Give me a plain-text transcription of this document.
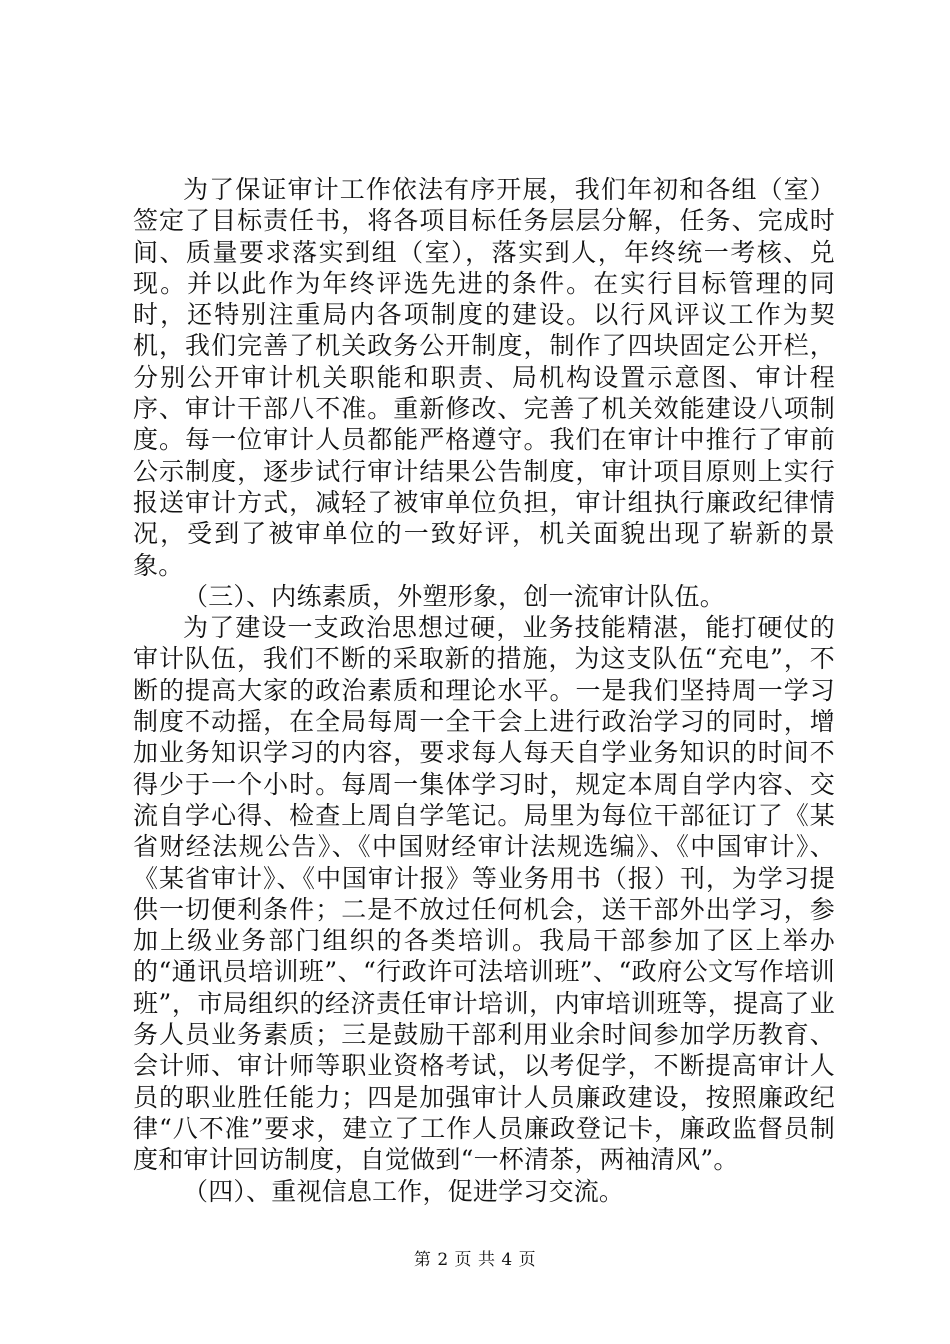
为了保证审计工作依法有序开展，我们年初和各组（室）签定了目标责任书，将各项目标任务层层分解，任务、完成时间、质量要求落实到组（室），落实到人，年终统一考核、兑现。并以此作为年终评选先进的条件。在实行目标管理的同时，还特别注重局内各项制度的建设。以行风评议工作为契机，我们完善了机关政务公开制度，制作了四块固定公开栏，分别公开审计机关职能和职责、局机构设置示意图、审计程序、审计干部八不准。重新修改、完善了机关效能建设八项制度。每一位审计人员都能严格遵守。我们在审计中推行了审前公示制度，逐步试行审计结果公告制度，审计项目原则上实行报送审计方式，减轻了被审单位负担，审计组执行廉政纪律情况，受到了被审单位的一致好评，机关面貌出现了崭新的景象。

（三）、内练素质，外塑形象，创一流审计队伍。

为了建设一支政治思想过硬，业务技能精湛，能打硬仗的审计队伍，我们不断的采取新的措施，为这支队伍“充电”，不断的提高大家的政治素质和理论水平。一是我们坚持周一学习制度不动摇，在全局每周一全干会上进行政治学习的同时，增加业务知识学习的内容，要求每人每天自学业务知识的时间不得少于一个小时。每周一集体学习时，规定本周自学内容、交流自学心得、检查上周自学笔记。局里为每位干部征订了《某省财经法规公告》、《中国财经审计法规选编》、《中国审计》、《某省审计》、《中国审计报》等业务用书（报）刊，为学习提供一切便利条件；二是不放过任何机会，送干部外出学习，参加上级业务部门组织的各类培训。我局干部参加了区上举办的“通讯员培训班”、“行政许可法培训班”、“政府公文写作培训班”，市局组织的经济责任审计培训，内审培训班等，提高了业务人员业务素质；三是鼓励干部利用业余时间参加学历教育、会计师、审计师等职业资格考试，以考促学，不断提高审计人员的职业胜任能力；四是加强审计人员廉政建设，按照廉政纪律“八不准”要求，建立了工作人员廉政登记卡，廉政监督员制度和审计回访制度，自觉做到“一杯清茶，两袖清风”。

（四）、重视信息工作，促进学习交流。

第 2 页 共 4 页
